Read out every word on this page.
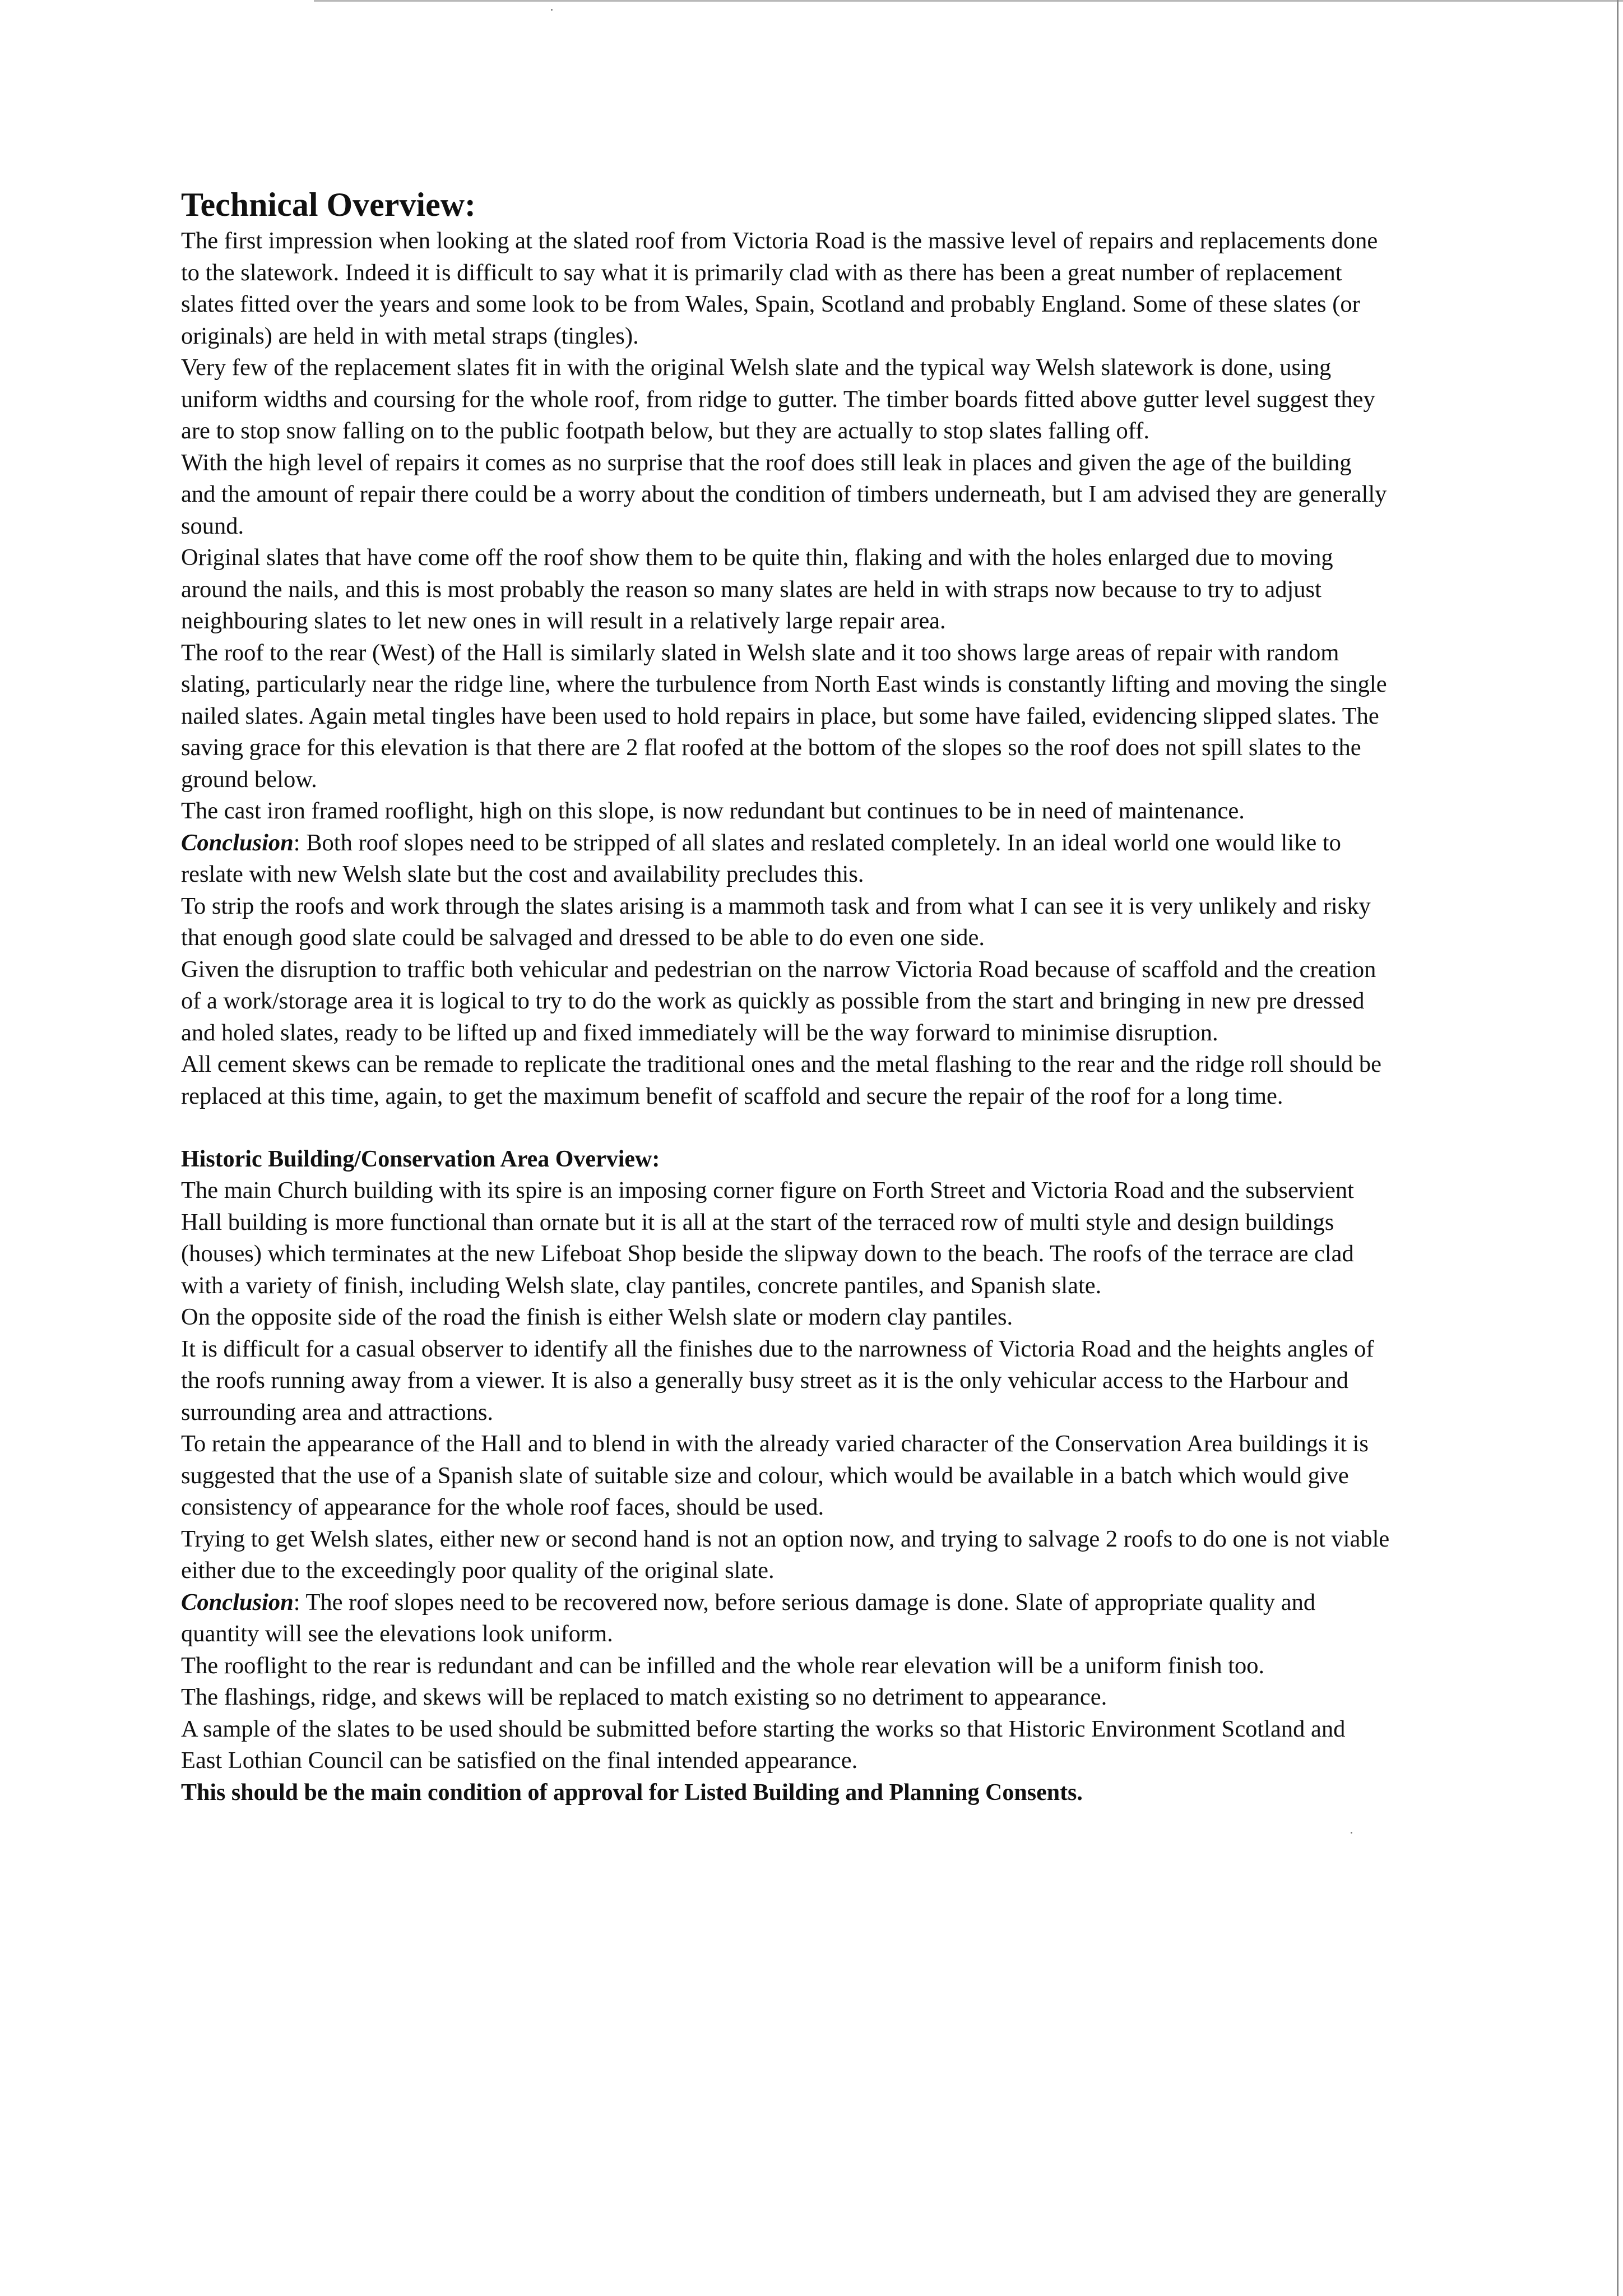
Technical Overview:

The first impression when looking at the slated roof from Victoria Road is the massive level of repairs and replacements done to the slatework. Indeed it is difficult to say what it is primarily clad with as there has been a great number of replacement slates fitted over the years and some look to be from Wales, Spain, Scotland and probably England. Some of these slates (or originals) are held in with metal straps (tingles).

Very few of the replacement slates fit in with the original Welsh slate and the typical way Welsh slatework is done, using uniform widths and coursing for the whole roof, from ridge to gutter. The timber boards fitted above gutter level suggest they are to stop snow falling on to the public footpath below, but they are actually to stop slates falling off.

With the high level of repairs it comes as no surprise that the roof does still leak in places and given the age of the building and the amount of repair there could be a worry about the condition of timbers underneath, but I am advised they are generally sound.

Original slates that have come off the roof show them to be quite thin, flaking and with the holes enlarged due to moving around the nails, and this is most probably the reason so many slates are held in with straps now because to try to adjust neighbouring slates to let new ones in will result in a relatively large repair area.

The roof to the rear (West) of the Hall is similarly slated in Welsh slate and it too shows large areas of repair with random slating, particularly near the ridge line, where the turbulence from North East winds is constantly lifting and moving the single nailed slates. Again metal tingles have been used to hold repairs in place, but some have failed, evidencing slipped slates. The saving grace for this elevation is that there are 2 flat roofed at the bottom of the slopes so the roof does not spill slates to the ground below.

The cast iron framed rooflight, high on this slope, is now redundant but continues to be in need of maintenance.

Conclusion: Both roof slopes need to be stripped of all slates and reslated completely. In an ideal world one would like to reslate with new Welsh slate but the cost and availability precludes this.

To strip the roofs and work through the slates arising is a mammoth task and from what I can see it is very unlikely and risky that enough good slate could be salvaged and dressed to be able to do even one side.

Given the disruption to traffic both vehicular and pedestrian on the narrow Victoria Road because of scaffold and the creation of a work/storage area it is logical to try to do the work as quickly as possible from the start and bringing in new pre dressed and holed slates, ready to be lifted up and fixed immediately will be the way forward to minimise disruption.

All cement skews can be remade to replicate the traditional ones and the metal flashing to the rear and the ridge roll should be replaced at this time, again, to get the maximum benefit of scaffold and secure the repair of the roof for a long time.

Historic Building/Conservation Area Overview:

The main Church building with its spire is an imposing corner figure on Forth Street and Victoria Road and the subservient Hall building is more functional than ornate but it is all at the start of the terraced row of multi style and design buildings (houses) which terminates at the new Lifeboat Shop beside the slipway down to the beach. The roofs of the terrace are clad with a variety of finish, including Welsh slate, clay pantiles, concrete pantiles, and Spanish slate.

On the opposite side of the road the finish is either Welsh slate or modern clay pantiles.

It is difficult for a casual observer to identify all the finishes due to the narrowness of Victoria Road and the heights angles of the roofs running away from a viewer. It is also a generally busy street as it is the only vehicular access to the Harbour and surrounding area and attractions.

To retain the appearance of the Hall and to blend in with the already varied character of the Conservation Area buildings it is suggested that the use of a Spanish slate of suitable size and colour, which would be available in a batch which would give consistency of appearance for the whole roof faces, should be used.

Trying to get Welsh slates, either new or second hand is not an option now, and trying to salvage 2 roofs to do one is not viable either due to the exceedingly poor quality of the original slate.

Conclusion: The roof slopes need to be recovered now, before serious damage is done. Slate of appropriate quality and quantity will see the elevations look uniform.

The rooflight to the rear is redundant and can be infilled and the whole rear elevation will be a uniform finish too.

The flashings, ridge, and skews will be replaced to match existing so no detriment to appearance.

A sample of the slates to be used should be submitted before starting the works so that Historic Environment Scotland and East Lothian Council can be satisfied on the final intended appearance.

This should be the main condition of approval for Listed Building and Planning Consents.
